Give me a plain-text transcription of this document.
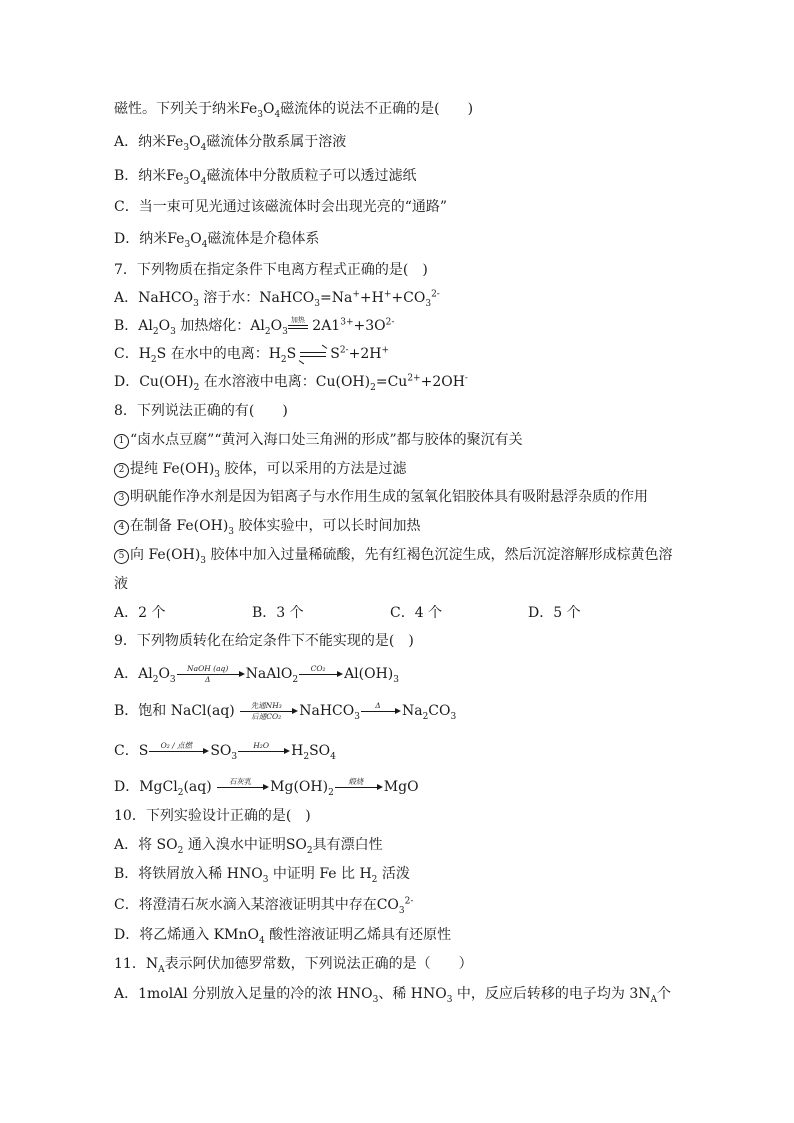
磁性。下列关于纳米$Fe_3O_4$磁流体的说法不正确的是(　　)
A．纳米$Fe_3O_4$磁流体分散系属于溶液
B．纳米$Fe_3O_4$磁流体中分散质粒子可以透过滤纸
C．当一束可见光通过该磁流体时会出现光亮的“通路”
D．纳米$Fe_3O_4$磁流体是介稳体系
7．下列物质在指定条件下电离方程式正确的是(　)
A．NaHCO$_3$ 溶于水：$NaHCO_3=Na^++H^++CO_3^{2-}$
B．$Al_2O_3$ 加热熔化：$Al_2O_3$
加热 $2A1^{3+}+3O^{2-}$
C．$H_2S$ 在水中的电离：$H_2S$ $S^{2-}+2H^+$
D．$Cu(OH)_2$ 在水溶液中电离：$Cu(OH)_2=Cu^{2+}+2OH^-$
8．下列说法正确的有(　　)
1 “卤水点豆腐”“黄河入海口处三角洲的形成”都与胶体的聚沉有关
2 提纯 $Fe(OH)_3$ 胶体，可以采用的方法是过滤
3 明矾能作净水剂是因为铝离子与水作用生成的氢氧化铝胶体具有吸附悬浮杂质的作用
4 在制备 $Fe(OH)_3$ 胶体实验中，可以长时间加热
5 向 $Fe(OH)_3$ 胶体中加入过量稀硫酸，先有红褐色沉淀生成，然后沉淀溶解形成棕黄色溶
液
A．2 个	B．3 个	C．4 个	D．5 个
9．下列物质转化在给定条件下不能实现的是(　)
A．$Al_2O_3$
NaOH (aq)
Δ	NaAlO$_2$
CO₂	$Al(OH)_3$
B．饱和 NaCl(aq)	先通NH₃
后通CO₂	NaHCO$_3$
Δ	$Na_2CO_3$
C．S	O₂ / 点燃	$SO_3$
H₂O	$H_2SO_4$
D．MgCl$_2$(aq)	石灰乳	$Mg(OH)_2$
煅烧	MgO
10．下列实验设计正确的是(　)
A．将 $SO_2$ 通入溴水中证明$SO_2$具有漂白性
B．将铁屑放入稀 $HNO_3$ 中证明 Fe 比 $H_2$ 活泼
C．将澄清石灰水滴入某溶液证明其中存在$CO_3^{2-}$
D．将乙烯通入 KMnO$_4$ 酸性溶液证明乙烯具有还原性
11．$N_A$表示阿伏加德罗常数，下列说法正确的是（　　）
A．1molAl 分别放入足量的冷的浓 $HNO_3$、稀 $HNO_3$ 中，反应后转移的电子均为 $3N_A$个
